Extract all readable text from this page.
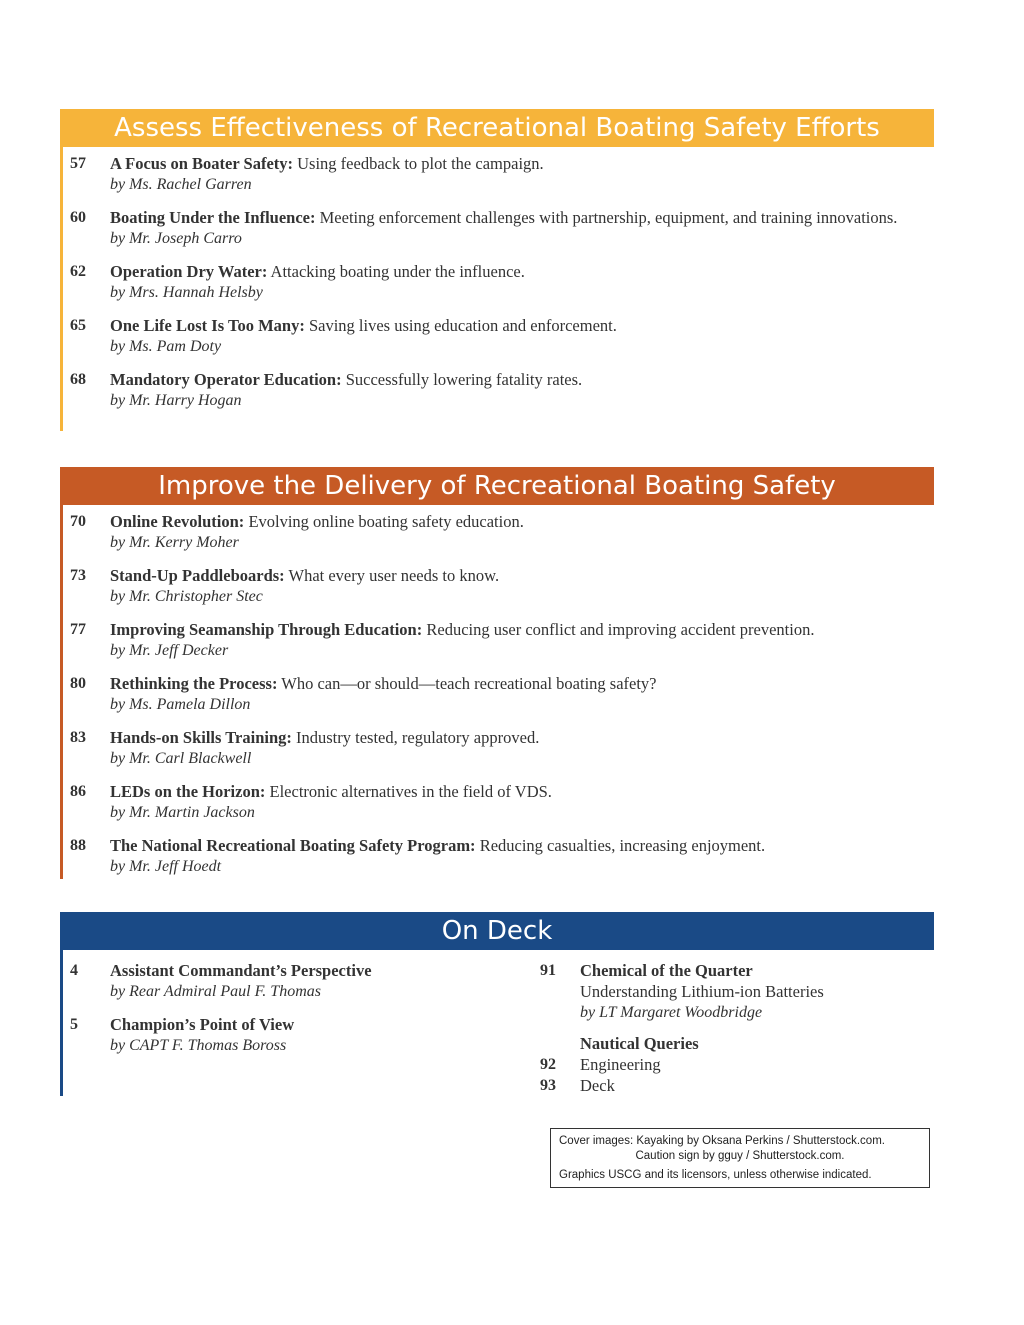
Assess Effectiveness of Recreational Boating Safety Efforts
57	A Focus on Boater Safety: Using feedback to plot the campaign.
by Ms. Rachel Garren
60	Boating Under the Influence: Meeting enforcement challenges with partnership, equipment, and training innovations.
by Mr. Joseph Carro
62	Operation Dry Water: Attacking boating under the influence.
by Mrs. Hannah Helsby
65	One Life Lost Is Too Many: Saving lives using education and enforcement.
by Ms. Pam Doty
68	Mandatory Operator Education: Successfully lowering fatality rates.
by Mr. Harry Hogan
Improve the Delivery of Recreational Boating Safety
70	Online Revolution: Evolving online boating safety education.
by Mr. Kerry Moher
73	Stand-Up Paddleboards: What every user needs to know.
by Mr. Christopher Stec
77	Improving Seamanship Through Education: Reducing user conflict and improving accident prevention.
by Mr. Jeff Decker
80	Rethinking the Process: Who can—or should—teach recreational boating safety?
by Ms. Pamela Dillon
83	Hands-on Skills Training: Industry tested, regulatory approved.
by Mr. Carl Blackwell
86	LEDs on the Horizon: Electronic alternatives in the field of VDS.
by Mr. Martin Jackson
88	The National Recreational Boating Safety Program: Reducing casualties, increasing enjoyment.
by Mr. Jeff Hoedt
On Deck
4	Assistant Commandant’s Perspective
by Rear Admiral Paul F. Thomas
5	Champion’s Point of View
by CAPT F. Thomas Boross
91	Chemical of the Quarter
Understanding Lithium-ion Batteries
by LT Margaret Woodbridge
Nautical Queries
92	Engineering
93	Deck
Cover images: Kayaking by Oksana Perkins / Shutterstock.com.
Caution sign by gguy / Shutterstock.com.
Graphics USCG and its licensors, unless otherwise indicated.
